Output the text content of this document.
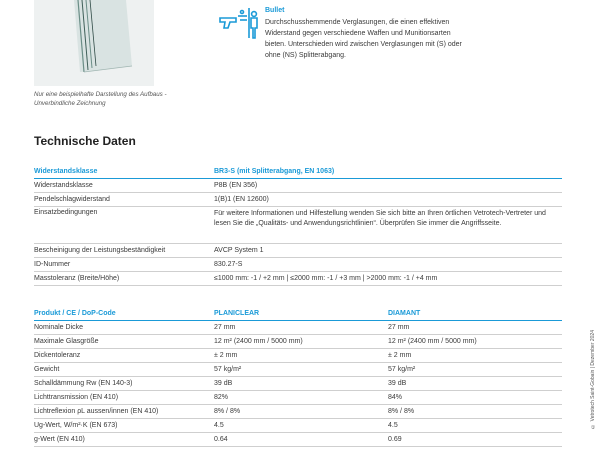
Nur eine beispielhafte Darstellung des Aufbaus - Unverbindliche Zeichnung
Bullet
Durchschusshemmende Verglasungen, die einen effektiven Widerstand gegen verschiedene Waffen und Munitionsarten bieten. Unterschieden wird zwischen Verglasungen mit (S) oder ohne (NS) Splitterabgang.
Technische Daten
Widerstandsklasse	BR3-S (mit Splitterabgang, EN 1063)
Widerstandsklasse	P8B (EN 356)
Pendelschlagwiderstand	1(B)1 (EN 12600)
Einsatzbedingungen	Für weitere Informationen und Hilfestellung wenden Sie sich bitte an Ihren örtlichen Vetrotech-Vertreter und lesen Sie die „Qualitäts- und Anwendungsrichtlinien“. Überprüfen Sie immer die Angriffsseite.
Bescheinigung der Leistungsbeständigkeit	AVCP System 1
ID-Nummer	830.27-S
Masstoleranz (Breite/Höhe)	≤1000 mm: -1 / +2 mm | ≤2000 mm: -1 / +3 mm | >2000 mm: -1 / +4 mm
Produkt / CE / DoP-Code	PLANICLEAR	DIAMANT
Nominale Dicke	27 mm	27 mm
Maximale Glasgröße	12 m² (2400 mm / 5000 mm)	12 m² (2400 mm / 5000 mm)
Dickentoleranz	± 2 mm	± 2 mm
Gewicht	57 kg/m²	57 kg/m²
Schalldämmung Rw (EN 140-3)	39 dB	39 dB
Lichttransmission (EN 410)	82%	84%
Lichtreflexion ρL aussen/innen (EN 410)	8% / 8%	8% / 8%
Ug-Wert, W/m²·K (EN 673)	4.5	4.5
g-Wert (EN 410)	0.64	0.69
© Vetrotech Saint-Gobain | Dezember 2024
